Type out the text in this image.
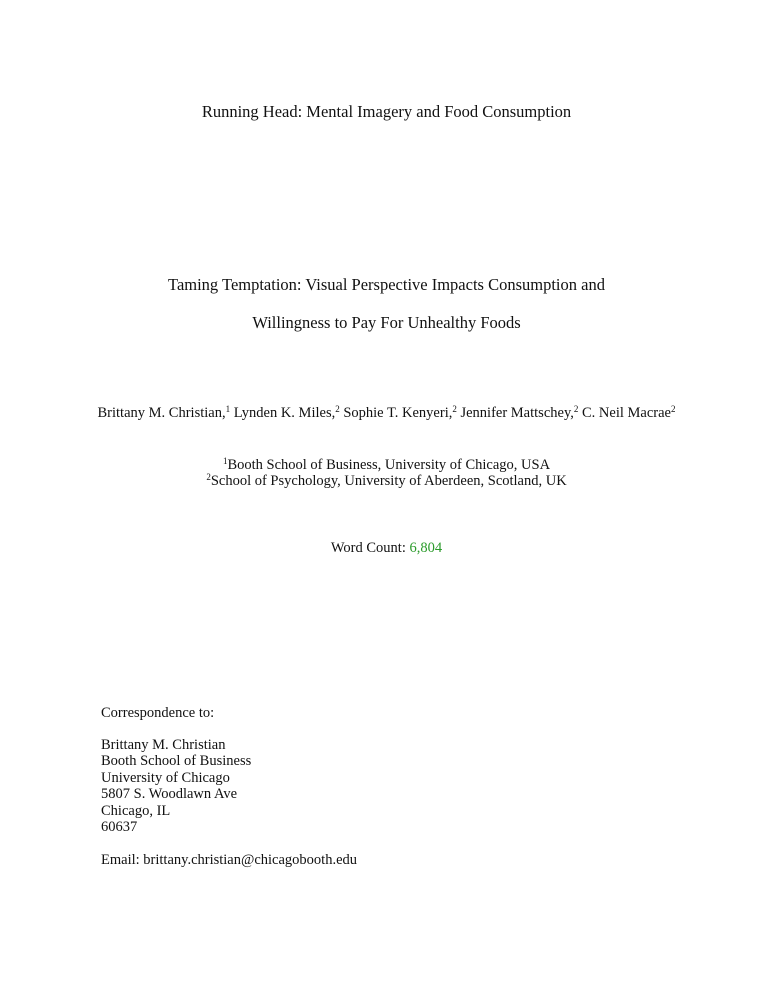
Running Head: Mental Imagery and Food Consumption
Taming Temptation: Visual Perspective Impacts Consumption and
Willingness to Pay For Unhealthy Foods
Brittany M. Christian,$^1$ Lynden K. Miles,$^2$ Sophie T. Kenyeri,$^2$ Jennifer Mattschey,$^2$ C. Neil Macrae$^2$
$^1$Booth School of Business, University of Chicago, USA
$^2$School of Psychology, University of Aberdeen, Scotland, UK
Word Count: 6,804
Correspondence to:
Brittany M. Christian
Booth School of Business
University of Chicago
5807 S. Woodlawn Ave
Chicago, IL
60637
Email: brittany.christian@chicagobooth.edu
